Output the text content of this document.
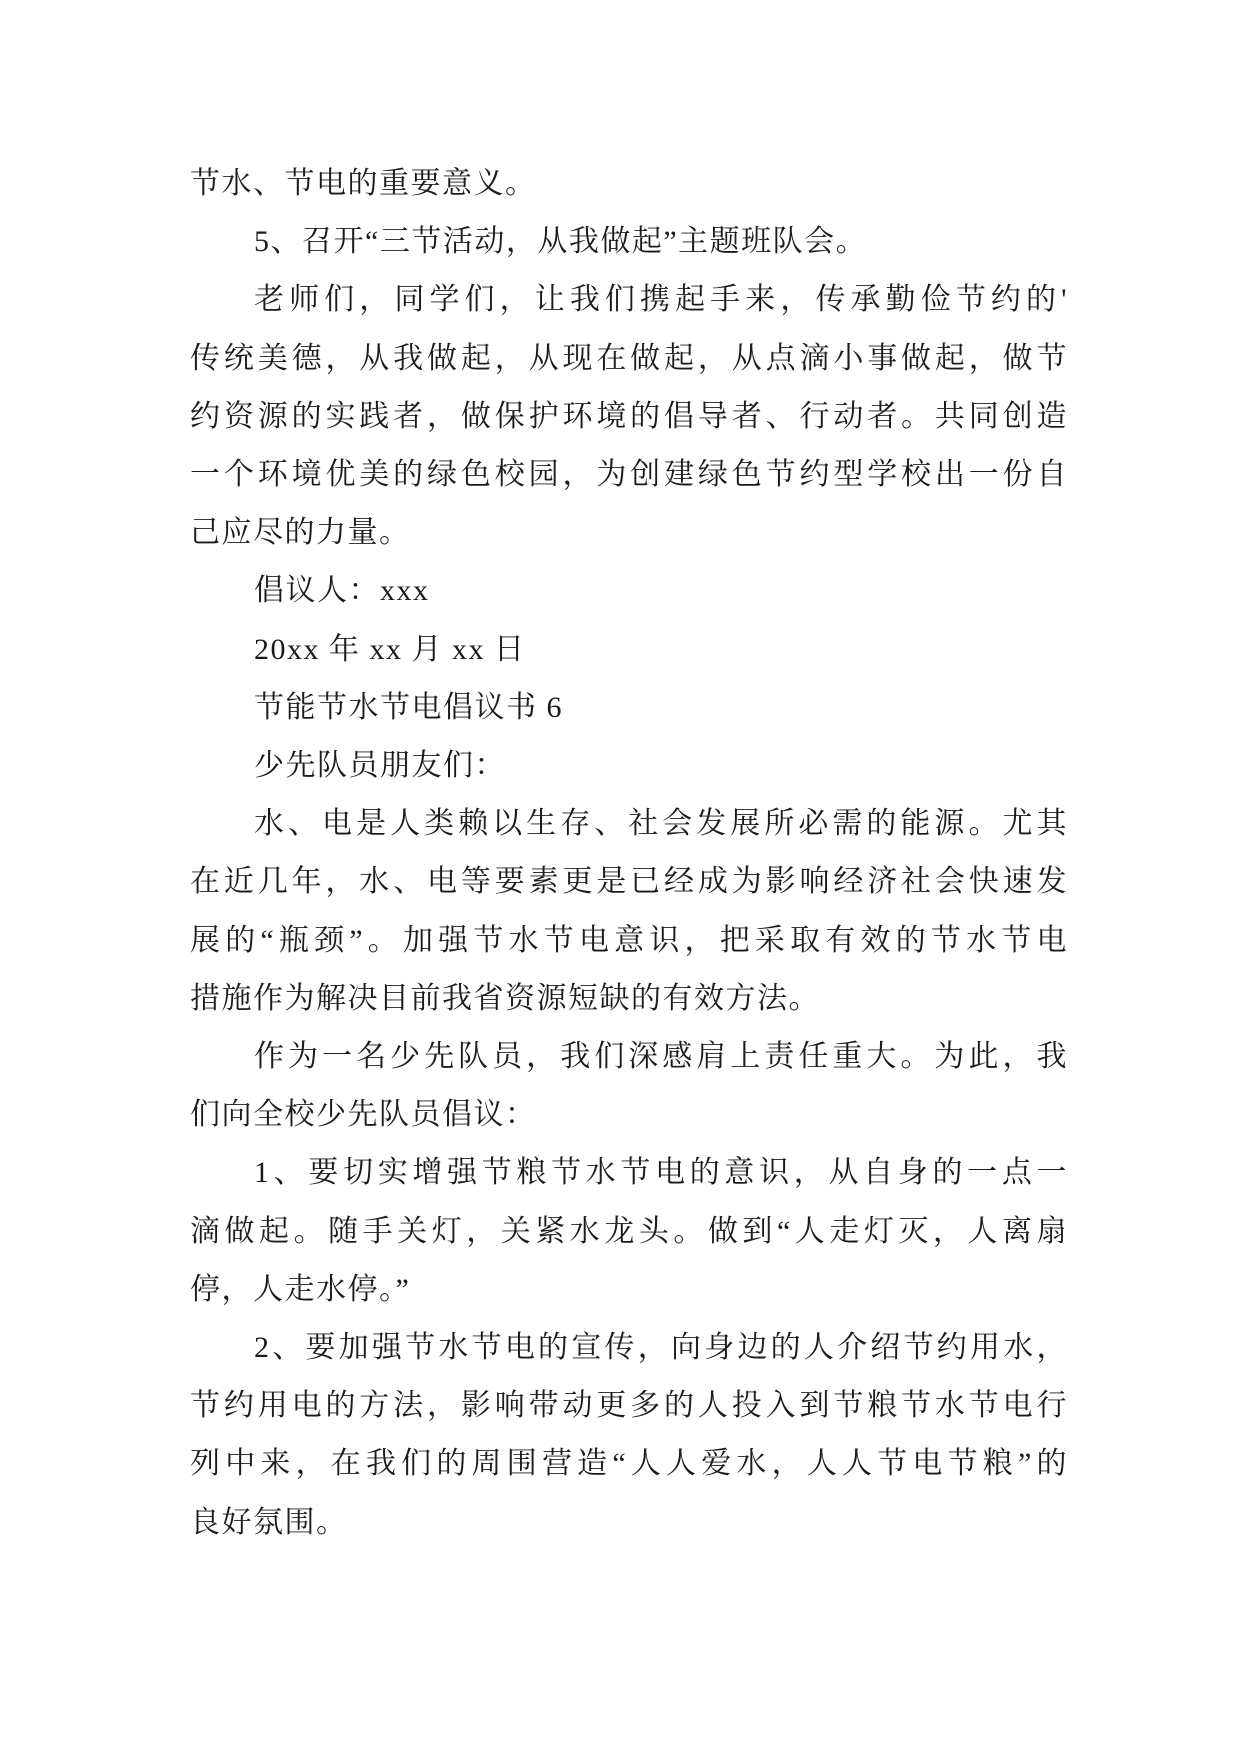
节水、节电的重要意义。
5、召开“三节活动，从我做起”主题班队会。
老师们，同学们，让我们携起手来，传承勤俭节约的'
传统美德，从我做起，从现在做起，从点滴小事做起，做节
约资源的实践者，做保护环境的倡导者、行动者。共同创造
一个环境优美的绿色校园，为创建绿色节约型学校出一份自
己应尽的力量。
倡议人：xxx
20xx 年 xx 月 xx 日
节能节水节电倡议书 6
少先队员朋友们：
水、电是人类赖以生存、社会发展所必需的能源。尤其
在近几年，水、电等要素更是已经成为影响经济社会快速发
展的“瓶颈”。加强节水节电意识，把采取有效的节水节电
措施作为解决目前我省资源短缺的有效方法。
作为一名少先队员，我们深感肩上责任重大。为此，我
们向全校少先队员倡议：
1、要切实增强节粮节水节电的意识，从自身的一点一
滴做起。随手关灯，关紧水龙头。做到“人走灯灭，人离扇
停，人走水停。”
2、要加强节水节电的宣传，向身边的人介绍节约用水，
节约用电的方法，影响带动更多的人投入到节粮节水节电行
列中来，在我们的周围营造“人人爱水，人人节电节粮”的
良好氛围。
